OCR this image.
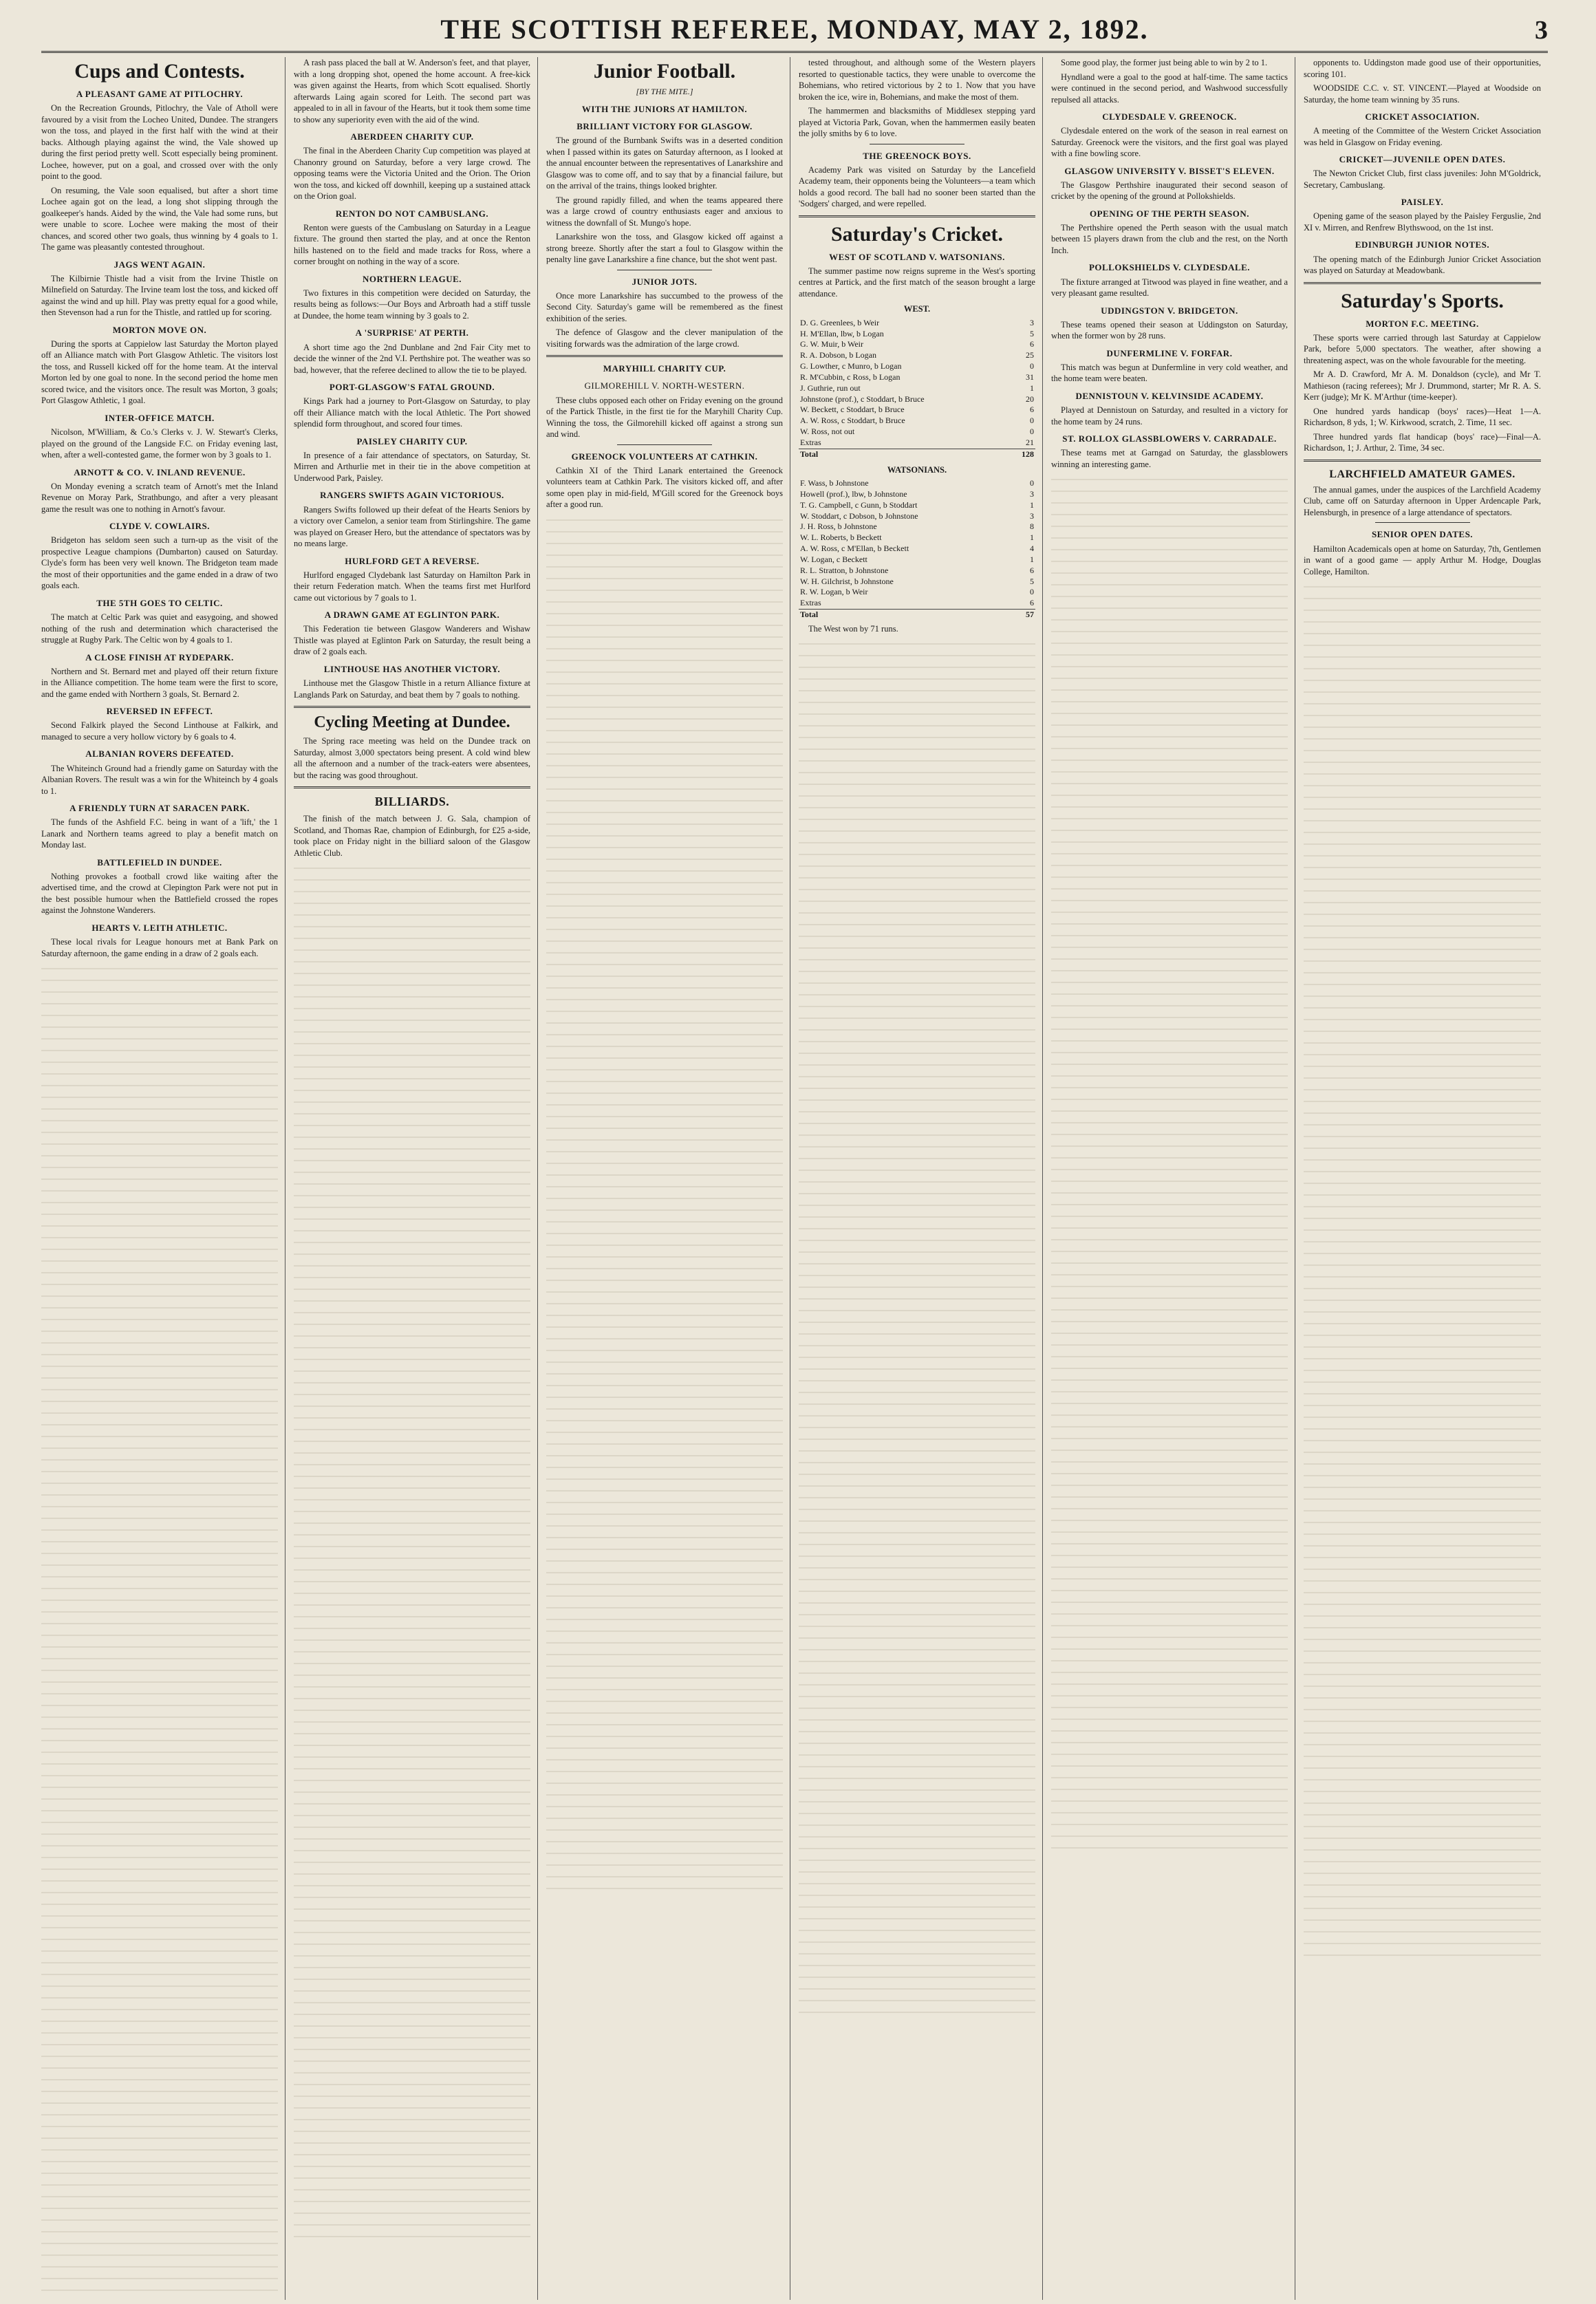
THE SCOTTISH REFEREE, MONDAY, MAY 2, 1892.	3
Cups and Contests.
A PLEASANT GAME AT PITLOCHRY.

On the Recreation Grounds, Pitlochry, the Vale of Atholl were favoured by a visit from the Locheo United, Dundee. The strangers won the toss, and played in the first half with the wind at their backs. Although playing against the wind, the Vale showed up during the first period pretty well. Scott especially being prominent. Lochee, however, put on a goal, and crossed over with the only point to the good.

On resuming, the Vale soon equalised, but after a short time Lochee again got on the lead, a long shot slipping through the goalkeeper's hands. Aided by the wind, the Vale had some runs, but were unable to score. Lochee were making the most of their chances, and scored other two goals, thus winning by 4 goals to 1. The game was pleasantly contested throughout.

JAGS WENT AGAIN.

The Kilbirnie Thistle had a visit from the Irvine Thistle on Milnefield on Saturday. The Irvine team lost the toss, and kicked off against the wind and up hill. Play was pretty equal for a good while, then Stevenson had a run for the Thistle, and rattled up for scoring.

MORTON MOVE ON.

During the sports at Cappielow last Saturday the Morton played off an Alliance match with Port Glasgow Athletic. The visitors lost the toss, and Russell kicked off for the home team. At the interval Morton led by one goal to none. In the second period the home men scored twice, and the visitors once. The result was Morton, 3 goals; Port Glasgow Athletic, 1 goal.

INTER-OFFICE MATCH.

Nicolson, M'William, & Co.'s Clerks v. J. W. Stewart's Clerks, played on the ground of the Langside F.C. on Friday evening last, when, after a well-contested game, the former won by 3 goals to 1.

ARNOTT & CO. V. INLAND REVENUE.

On Monday evening a scratch team of Arnott's met the Inland Revenue on Moray Park, Strathbungo, and after a very pleasant game the result was one to nothing in Arnott's favour.

CLYDE V. COWLAIRS.

Bridgeton has seldom seen such a turn-up as the visit of the prospective League champions (Dumbarton) caused on Saturday. Clyde's form has been very well known. The Bridgeton team made the most of their opportunities and the game ended in a draw of two goals each.

THE 5TH GOES TO CELTIC.

The match at Celtic Park was quiet and easygoing, and showed nothing of the rush and determination which characterised the struggle at Rugby Park. The Celtic won by 4 goals to 1.

A CLOSE FINISH AT RYDEPARK.

Northern and St. Bernard met and played off their return fixture in the Alliance competition. The home team were the first to score, and the game ended with Northern 3 goals, St. Bernard 2.

REVERSED IN EFFECT.

Second Falkirk played the Second Linthouse at Falkirk, and managed to secure a very hollow victory by 6 goals to 4.

ALBANIAN ROVERS DEFEATED.

The Whiteinch Ground had a friendly game on Saturday with the Albanian Rovers. The result was a win for the Whiteinch by 4 goals to 1.

A FRIENDLY TURN AT SARACEN PARK.

The funds of the Ashfield F.C. being in want of a 'lift,' the 1 Lanark and Northern teams agreed to play a benefit match on Monday last.

BATTLEFIELD IN DUNDEE.

Nothing provokes a football crowd like waiting after the advertised time, and the crowd at Clepington Park were not put in the best possible humour when the Battlefield crossed the ropes against the Johnstone Wanderers.

HEARTS V. LEITH ATHLETIC.

These local rivals for League honours met at Bank Park on Saturday afternoon, the game ending in a draw of 2 goals each.

A rash pass placed the ball at W. Anderson's feet, and that player, with a long dropping shot, opened the home account. A free-kick was given against the Hearts, from which Scott equalised. Shortly afterwards Laing again scored for Leith. The second part was appealed to in all in favour of the Hearts, but it took them some time to show any superiority even with the aid of the wind.

ABERDEEN CHARITY CUP.

The final in the Aberdeen Charity Cup competition was played at Chanonry ground on Saturday, before a very large crowd. The opposing teams were the Victoria United and the Orion. The Orion won the toss, and kicked off downhill, keeping up a sustained attack on the Orion goal.

RENTON DO NOT CAMBUSLANG.

Renton were guests of the Cambuslang on Saturday in a League fixture. The ground then started the play, and at once the Renton hills hastened on to the field and made tracks for Ross, where a corner brought on nothing in the way of a score.

NORTHERN LEAGUE.

Two fixtures in this competition were decided on Saturday, the results being as follows:—Our Boys and Arbroath had a stiff tussle at Dundee, the home team winning by 3 goals to 2.

A 'SURPRISE' AT PERTH.

A short time ago the 2nd Dunblane and 2nd Fair City met to decide the winner of the 2nd V.I. Perthshire pot. The weather was so bad, however, that the referee declined to allow the tie to be played.

PORT-GLASGOW'S FATAL GROUND.

Kings Park had a journey to Port-Glasgow on Saturday, to play off their Alliance match with the local Athletic. The Port showed splendid form throughout, and scored four times.

PAISLEY CHARITY CUP.

In presence of a fair attendance of spectators, on Saturday, St. Mirren and Arthurlie met in their tie in the above competition at Underwood Park, Paisley.

RANGERS SWIFTS AGAIN VICTORIOUS.

Rangers Swifts followed up their defeat of the Hearts Seniors by a victory over Camelon, a senior team from Stirlingshire. The game was played on Greaser Hero, but the attendance of spectators was by no means large.

HURLFORD GET A REVERSE.

Hurlford engaged Clydebank last Saturday on Hamilton Park in their return Federation match. When the teams first met Hurlford came out victorious by 7 goals to 1.

A DRAWN GAME AT EGLINTON PARK.

This Federation tie between Glasgow Wanderers and Wishaw Thistle was played at Eglinton Park on Saturday, the result being a draw of 2 goals each.

LINTHOUSE HAS ANOTHER VICTORY.

Linthouse met the Glasgow Thistle in a return Alliance fixture at Langlands Park on Saturday, and beat them by 7 goals to nothing.

Cycling Meeting at Dundee.

The Spring race meeting was held on the Dundee track on Saturday, almost 3,000 spectators being present. A cold wind blew all the afternoon and a number of the track-eaters were absentees, but the racing was good throughout.

BILLIARDS.

The finish of the match between J. G. Sala, champion of Scotland, and Thomas Rae, champion of Edinburgh, for £25 a-side, took place on Friday night in the billiard saloon of the Glasgow Athletic Club.

Junior Football.
[BY THE MITE.]
WITH THE JUNIORS AT HAMILTON.
BRILLIANT VICTORY FOR GLASGOW.

The ground of the Burnbank Swifts was in a deserted condition when I passed within its gates on Saturday afternoon, as I looked at the annual encounter between the representatives of Lanarkshire and Glasgow was to come off, and to say that by a financial failure, but on the arrival of the trains, things looked brighter.

The ground rapidly filled, and when the teams appeared there was a large crowd of country enthusiasts eager and anxious to witness the downfall of St. Mungo's hope.

Lanarkshire won the toss, and Glasgow kicked off against a strong breeze. Shortly after the start a foul to Glasgow within the penalty line gave Lanarkshire a fine chance, but the shot went past.

JUNIOR JOTS.

Once more Lanarkshire has succumbed to the prowess of the Second City. Saturday's game will be remembered as the finest exhibition of the series.

The defence of Glasgow and the clever manipulation of the visiting forwards was the admiration of the large crowd.

MARYHILL CHARITY CUP.
GILMOREHILL V. NORTH-WESTERN.

These clubs opposed each other on Friday evening on the ground of the Partick Thistle, in the first tie for the Maryhill Charity Cup. Winning the toss, the Gilmorehill kicked off against a strong sun and wind.

GREENOCK VOLUNTEERS AT CATHKIN.

Cathkin XI of the Third Lanark entertained the Greenock volunteers team at Cathkin Park. The visitors kicked off, and after some open play in mid-field, M'Gill scored for the Greenock boys after a good run.

tested throughout, and although some of the Western players resorted to questionable tactics, they were unable to overcome the Bohemians, who retired victorious by 2 to 1. Now that you have broken the ice, wire in, Bohemians, and make the most of them.

The hammermen and blacksmiths of Middlesex stepping yard played at Victoria Park, Govan, when the hammermen easily beaten the jolly smiths by 6 to love.

THE GREENOCK BOYS.

Academy Park was visited on Saturday by the Lancefield Academy team, their opponents being the Volunteers—a team which holds a good record. The ball had no sooner been started than the 'Sodgers' charged, and were repelled.

Saturday's Cricket.
WEST OF SCOTLAND V. WATSONIANS.

The summer pastime now reigns supreme in the West's sporting centres at Partick, and the first match of the season brought a large attendance.

WEST.
D. G. Greenlees, b Weir	3
H. M'Ellan, lbw, b Logan	5
G. W. Muir, b Weir	6
R. A. Dobson, b Logan	25
G. Lowther, c Munro, b Logan	0
R. M'Cubbin, c Ross, b Logan	31
J. Guthrie, run out	1
Johnstone (prof.), c Stoddart, b Bruce	20
W. Beckett, c Stoddart, b Bruce	6
A. W. Ross, c Stoddart, b Bruce	0
W. Ross, not out	0
Extras	21
Total	128
WATSONIANS.
F. Wass, b Johnstone	0
Howell (prof.), lbw, b Johnstone	3
T. G. Campbell, c Gunn, b Stoddart	1
W. Stoddart, c Dobson, b Johnstone	3
J. H. Ross, b Johnstone	8
W. L. Roberts, b Beckett	1
A. W. Ross, c M'Ellan, b Beckett	4
W. Logan, c Beckett	1
R. L. Stratton, b Johnstone	6
W. H. Gilchrist, b Johnstone	5
R. W. Logan, b Weir	0
Extras	6
Total	57

The West won by 71 runs.

Some good play, the former just being able to win by 2 to 1.

Hyndland were a goal to the good at half-time. The same tactics were continued in the second period, and Washwood successfully repulsed all attacks.

CLYDESDALE V. GREENOCK.

Clydesdale entered on the work of the season in real earnest on Saturday. Greenock were the visitors, and the first goal was played with a fine bowling score.

GLASGOW UNIVERSITY V. BISSET'S ELEVEN.

The Glasgow Perthshire inaugurated their second season of cricket by the opening of the ground at Pollokshields.

OPENING OF THE PERTH SEASON.

The Perthshire opened the Perth season with the usual match between 15 players drawn from the club and the rest, on the North Inch.

POLLOKSHIELDS V. CLYDESDALE.

The fixture arranged at Titwood was played in fine weather, and a very pleasant game resulted.

UDDINGSTON V. BRIDGETON.

These teams opened their season at Uddingston on Saturday, when the former won by 28 runs.

DUNFERMLINE V. FORFAR.

This match was begun at Dunfermline in very cold weather, and the home team were beaten.

DENNISTOUN V. KELVINSIDE ACADEMY.

Played at Dennistoun on Saturday, and resulted in a victory for the home team by 24 runs.

ST. ROLLOX GLASSBLOWERS V. CARRADALE.

These teams met at Garngad on Saturday, the glassblowers winning an interesting game.

opponents to. Uddingston made good use of their opportunities, scoring 101.

WOODSIDE C.C. v. ST. VINCENT.—Played at Woodside on Saturday, the home team winning by 35 runs.

CRICKET ASSOCIATION.

A meeting of the Committee of the Western Cricket Association was held in Glasgow on Friday evening.

CRICKET—JUVENILE OPEN DATES.

The Newton Cricket Club, first class juveniles: John M'Goldrick, Secretary, Cambuslang.

PAISLEY.

Opening game of the season played by the Paisley Ferguslie, 2nd XI v. Mirren, and Renfrew Blythswood, on the 1st inst.

EDINBURGH JUNIOR NOTES.

The opening match of the Edinburgh Junior Cricket Association was played on Saturday at Meadowbank.

Saturday's Sports.
MORTON F.C. MEETING.

These sports were carried through last Saturday at Cappielow Park, before 5,000 spectators. The weather, after showing a threatening aspect, was on the whole favourable for the meeting.

Mr A. D. Crawford, Mr A. M. Donaldson (cycle), and Mr T. Mathieson (racing referees); Mr J. Drummond, starter; Mr R. A. S. Kerr (judge); Mr K. M'Arthur (time-keeper).

One hundred yards handicap (boys' races)—Heat 1—A. Richardson, 8 yds, 1; W. Kirkwood, scratch, 2. Time, 11 sec.

Three hundred yards flat handicap (boys' race)—Final—A. Richardson, 1; J. Arthur, 2. Time, 34 sec.

LARCHFIELD AMATEUR GAMES.

The annual games, under the auspices of the Larchfield Academy Club, came off on Saturday afternoon in Upper Ardencaple Park, Helensburgh, in presence of a large attendance of spectators.

SENIOR OPEN DATES.

Hamilton Academicals open at home on Saturday, 7th, Gentlemen in want of a good game — apply Arthur M. Hodge, Douglas College, Hamilton.
